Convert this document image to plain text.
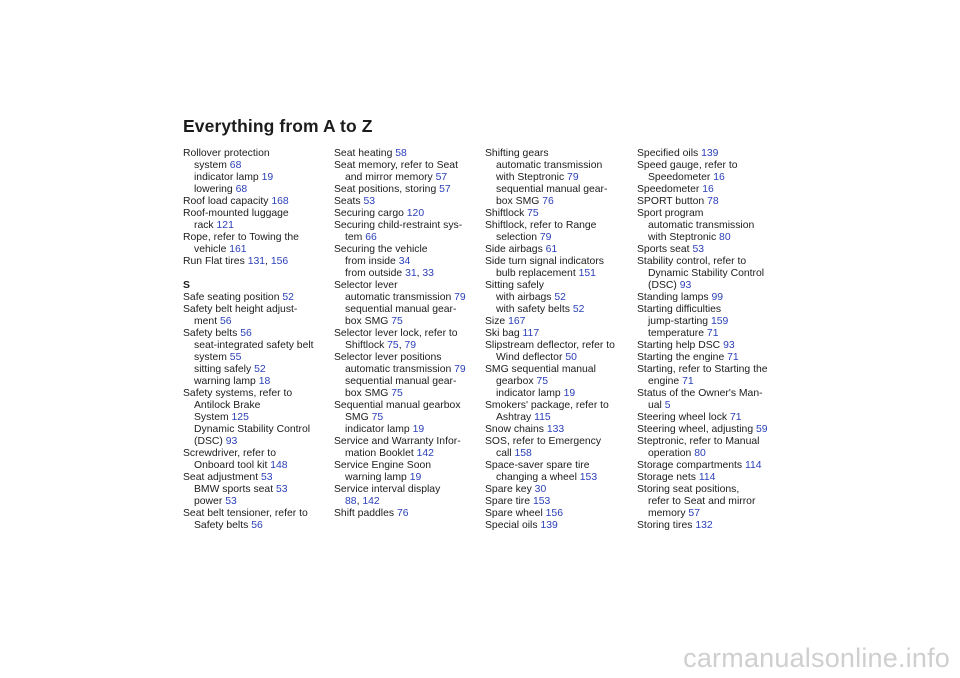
Everything from A to Z
Rollover protection
system 68
indicator lamp 19
lowering 68
Roof load capacity 168
Roof-mounted luggage
rack 121
Rope, refer to Towing the
vehicle 161
Run Flat tires 131, 156
S
Safe seating position 52
Safety belt height adjust-
ment 56
Safety belts 56
seat-integrated safety belt
system 55
sitting safely 52
warning lamp 18
Safety systems, refer to
Antilock Brake
System 125
Dynamic Stability Control
(DSC) 93
Screwdriver, refer to
Onboard tool kit 148
Seat adjustment 53
BMW sports seat 53
power 53
Seat belt tensioner, refer to
Safety belts 56
Seat heating 58
Seat memory, refer to Seat
and mirror memory 57
Seat positions, storing 57
Seats 53
Securing cargo 120
Securing child-restraint sys-
tem 66
Securing the vehicle
from inside 34
from outside 31, 33
Selector lever
automatic transmission 79
sequential manual gear-
box SMG 75
Selector lever lock, refer to
Shiftlock 75, 79
Selector lever positions
automatic transmission 79
sequential manual gear-
box SMG 75
Sequential manual gearbox
SMG 75
indicator lamp 19
Service and Warranty Infor-
mation Booklet 142
Service Engine Soon
warning lamp 19
Service interval display
88, 142
Shift paddles 76
Shifting gears
automatic transmission
with Steptronic 79
sequential manual gear-
box SMG 76
Shiftlock 75
Shiftlock, refer to Range
selection 79
Side airbags 61
Side turn signal indicators
bulb replacement 151
Sitting safely
with airbags 52
with safety belts 52
Size 167
Ski bag 117
Slipstream deflector, refer to
Wind deflector 50
SMG sequential manual
gearbox 75
indicator lamp 19
Smokers' package, refer to
Ashtray 115
Snow chains 133
SOS, refer to Emergency
call 158
Space-saver spare tire
changing a wheel 153
Spare key 30
Spare tire 153
Spare wheel 156
Special oils 139
Specified oils 139
Speed gauge, refer to
Speedometer 16
Speedometer 16
SPORT button 78
Sport program
automatic transmission
with Steptronic 80
Sports seat 53
Stability control, refer to
Dynamic Stability Control
(DSC) 93
Standing lamps 99
Starting difficulties
jump-starting 159
temperature 71
Starting help DSC 93
Starting the engine 71
Starting, refer to Starting the
engine 71
Status of the Owner's Man-
ual 5
Steering wheel lock 71
Steering wheel, adjusting 59
Steptronic, refer to Manual
operation 80
Storage compartments 114
Storage nets 114
Storing seat positions,
refer to Seat and mirror
memory 57
Storing tires 132
carmanualsonline.info
